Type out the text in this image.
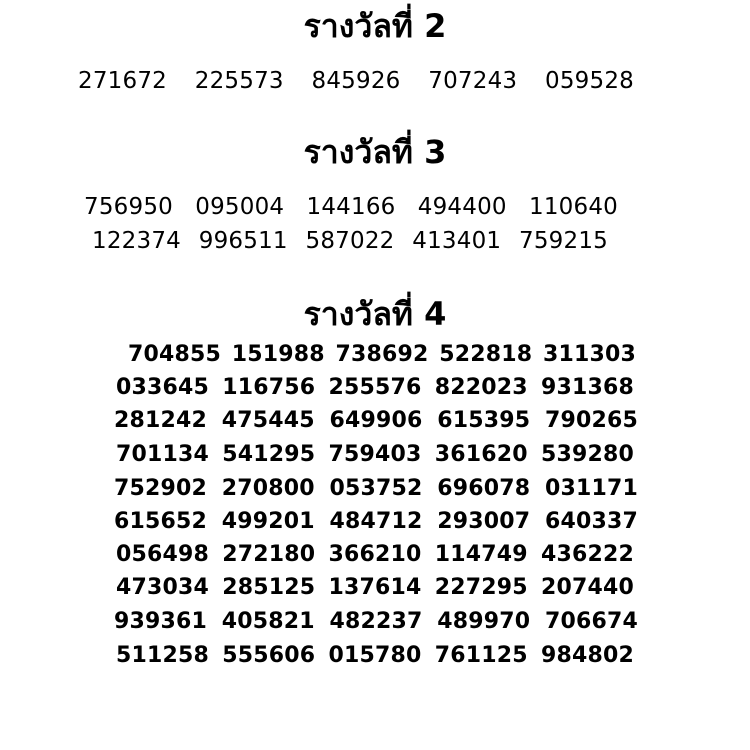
รางวัลที่ 2
271672 225573 845926 707243 059528
รางวัลที่ 3
756950 095004 144166 494400 110640
122374 996511 587022 413401 759215
รางวัลที่ 4
704855 151988 738692 522818 311303
033645 116756 255576 822023 931368
281242 475445 649906 615395 790265
701134 541295 759403 361620 539280
752902 270800 053752 696078 031171
615652 499201 484712 293007 640337
056498 272180 366210 114749 436222
473034 285125 137614 227295 207440
939361 405821 482237 489970 706674
511258 555606 015780 761125 984802
